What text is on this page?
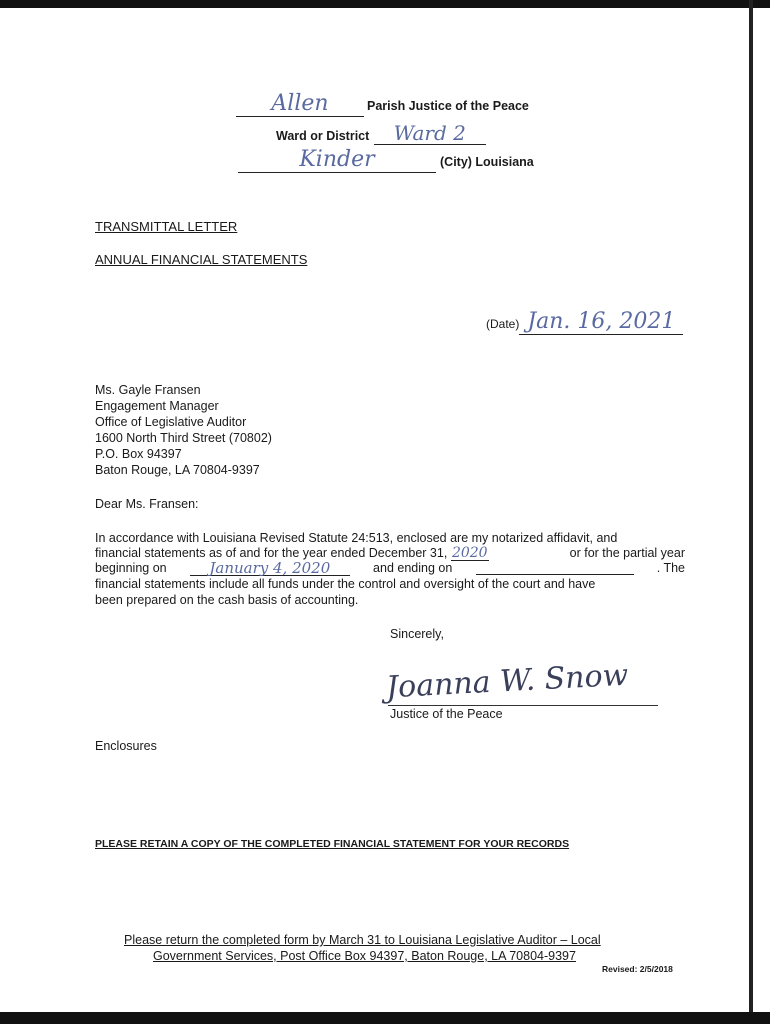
Allen	Parish Justice of the Peace
Ward or District Ward 2
Kinder	(City) Louisiana
TRANSMITTAL LETTER
ANNUAL FINANCIAL STATEMENTS
(Date) Jan. 16, 2021
Ms. Gayle Fransen
Engagement Manager
Office of Legislative Auditor
1600 North Third Street (70802)
P.O. Box 94397
Baton Rouge, LA 70804-9397
Dear Ms. Fransen:
In accordance with Louisiana Revised Statute 24:513, enclosed are my notarized affidavit, and
financial statements as of and for the year ended December 31, 2020	or for the partial year
beginning on	January 4, 2020	and ending on	. The
financial statements include all funds under the control and oversight of the court and have
been prepared on the cash basis of accounting.
Sincerely,
Joanna W. Snow
Justice of the Peace
Enclosures
PLEASE RETAIN A COPY OF THE COMPLETED FINANCIAL STATEMENT FOR YOUR RECORDS
Please return the completed form by March 31 to Louisiana Legislative Auditor – Local
Government Services, Post Office Box 94397, Baton Rouge, LA 70804-9397
Revised: 2/5/2018
